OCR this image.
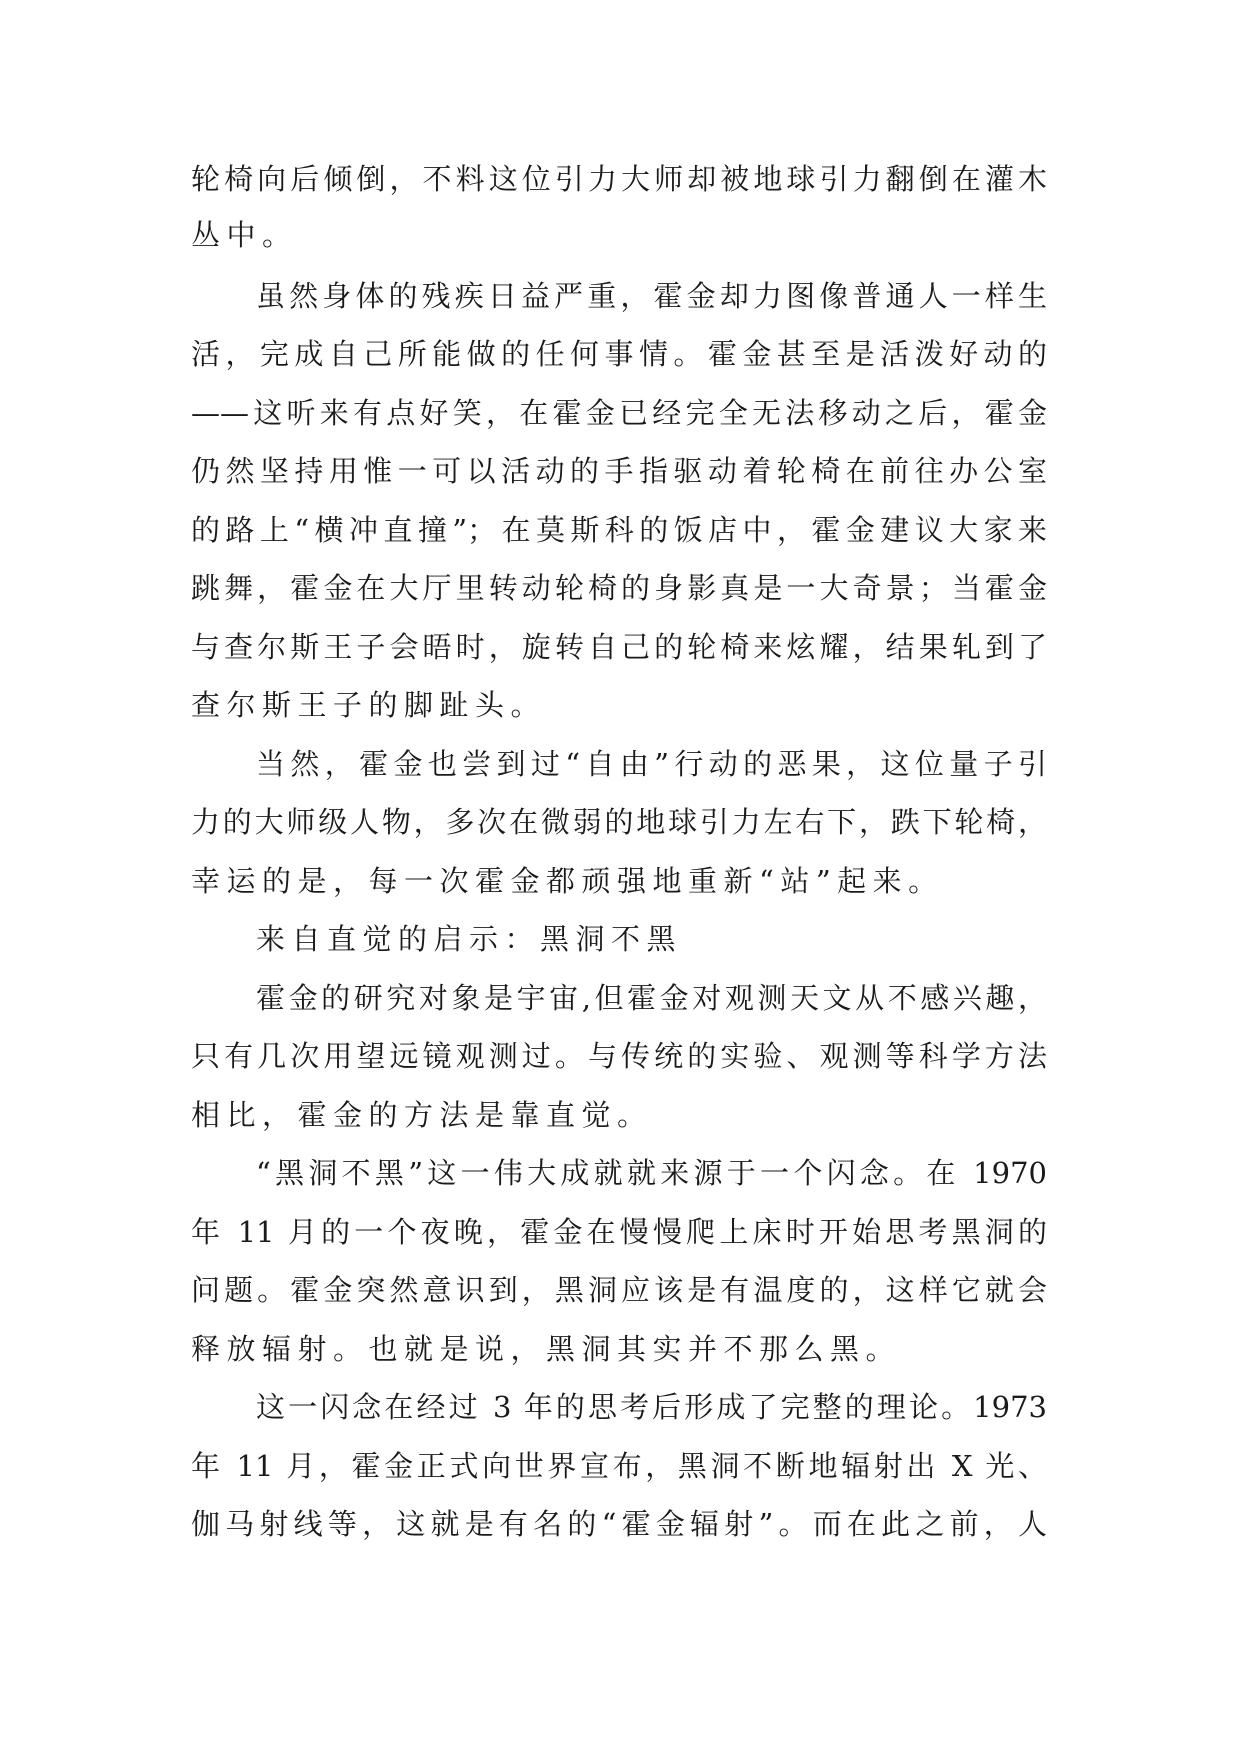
轮椅向后倾倒，不料这位引力大师却被地球引力翻倒在灌木
丛中。
虽然身体的残疾日益严重，霍金却力图像普通人一样生
活，完成自己所能做的任何事情。霍金甚至是活泼好动的
——这听来有点好笑，在霍金已经完全无法移动之后，霍金
仍然坚持用惟一可以活动的手指驱动着轮椅在前往办公室
的路上“横冲直撞”；在莫斯科的饭店中，霍金建议大家来
跳舞，霍金在大厅里转动轮椅的身影真是一大奇景；当霍金
与查尔斯王子会晤时，旋转自己的轮椅来炫耀，结果轧到了
查尔斯王子的脚趾头。
当然，霍金也尝到过“自由”行动的恶果，这位量子引
力的大师级人物，多次在微弱的地球引力左右下，跌下轮椅，
幸运的是，每一次霍金都顽强地重新“站”起来。
来自直觉的启示：黑洞不黑
霍金的研究对象是宇宙,但霍金对观测天文从不感兴趣，
只有几次用望远镜观测过。与传统的实验、观测等科学方法
相比，霍金的方法是靠直觉。
“黑洞不黑”这一伟大成就就来源于一个闪念。在 1970
年 11 月的一个夜晚，霍金在慢慢爬上床时开始思考黑洞的
问题。霍金突然意识到，黑洞应该是有温度的，这样它就会
释放辐射。也就是说，黑洞其实并不那么黑。
这一闪念在经过 3 年的思考后形成了完整的理论。1973
年 11 月，霍金正式向世界宣布，黑洞不断地辐射出 X 光、
伽马射线等，这就是有名的“霍金辐射”。而在此之前，人
